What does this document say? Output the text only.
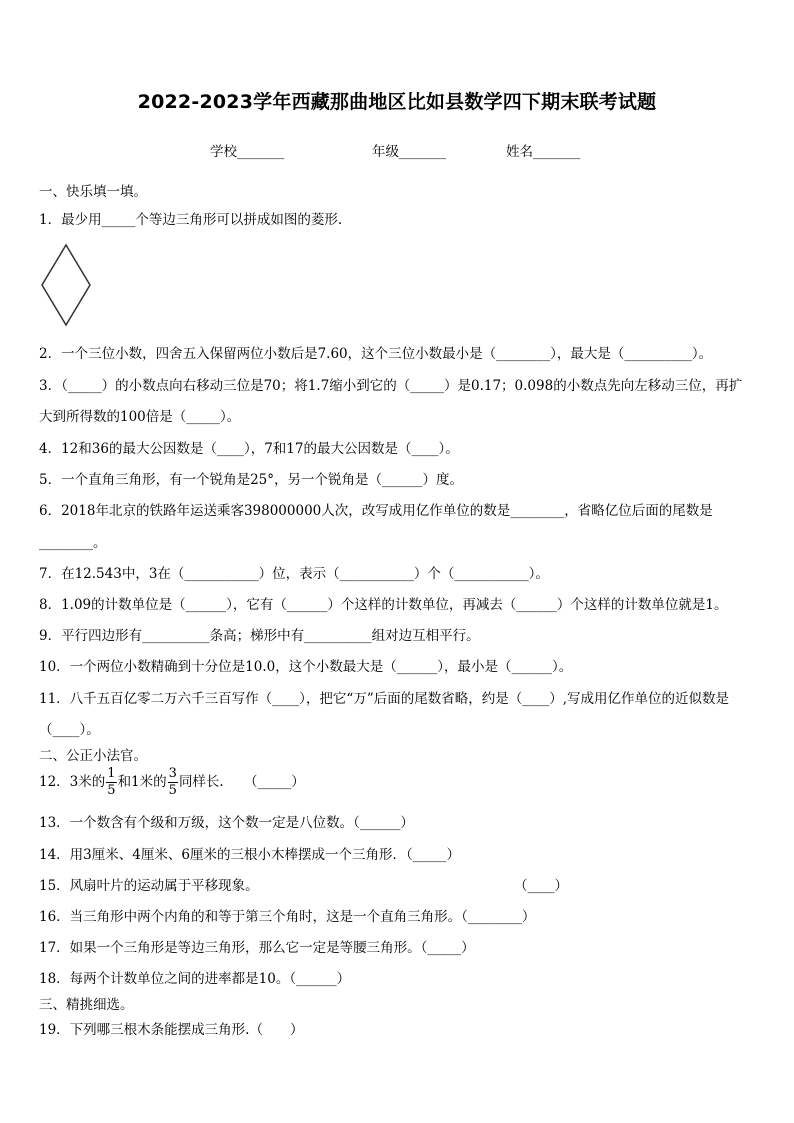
2022-2023学年西藏那曲地区比如县数学四下期末联考试题
学校_______	年级_______	姓名_______
一、快乐填一填。
1．最少用_____个等边三角形可以拼成如图的菱形.
2．一个三位小数，四舍五入保留两位小数后是7.60，这个三位小数最小是（________），最大是（__________）。
3．（_____）的小数点向右移动三位是70；将1.7缩小到它的（_____）是0.17；0.098的小数点先向左移动三位，再扩
大到所得数的100倍是（_____）。
4．12和36的最大公因数是（____），7和17的最大公因数是（____）。
5．一个直角三角形，有一个锐角是25°，另一个锐角是（______）度。
6．2018年北京的铁路年运送乘客398000000人次，改写成用亿作单位的数是________，省略亿位后面的尾数是
________。
7．在12.543中，3在（___________）位，表示（___________）个（___________）。
8．1.09的计数单位是（______），它有（______）个这样的计数单位，再减去（______）个这样的计数单位就是1。
9．平行四边形有__________条高；梯形中有__________组对边互相平行。
10．一个两位小数精确到十分位是10.0，这个小数最大是（______），最小是（______）。
11．八千五百亿零二万六千三百写作（____），把它“万”后面的尾数省略，约是（____）,写成用亿作单位的近似数是
（____）。
二、公正小法官。
12．3米的 $\frac{1}{5}$ 和1米的 $\frac{3}{5}$ 同样长.　　（_____）
13．一个数含有个级和万级，这个数一定是八位数。（______）
14．用3厘米、4厘米、6厘米的三根小木棒摆成一个三角形．（_____）
15．风扇叶片的运动属于平移现象。	（____）
16．当三角形中两个内角的和等于第三个角时，这是一个直角三角形。（________）
17．如果一个三角形是等边三角形，那么它一定是等腰三角形。（_____）
18．每两个计数单位之间的进率都是10。（______）
三、精挑细选。
19．下列哪三根木条能摆成三角形.（　　）
